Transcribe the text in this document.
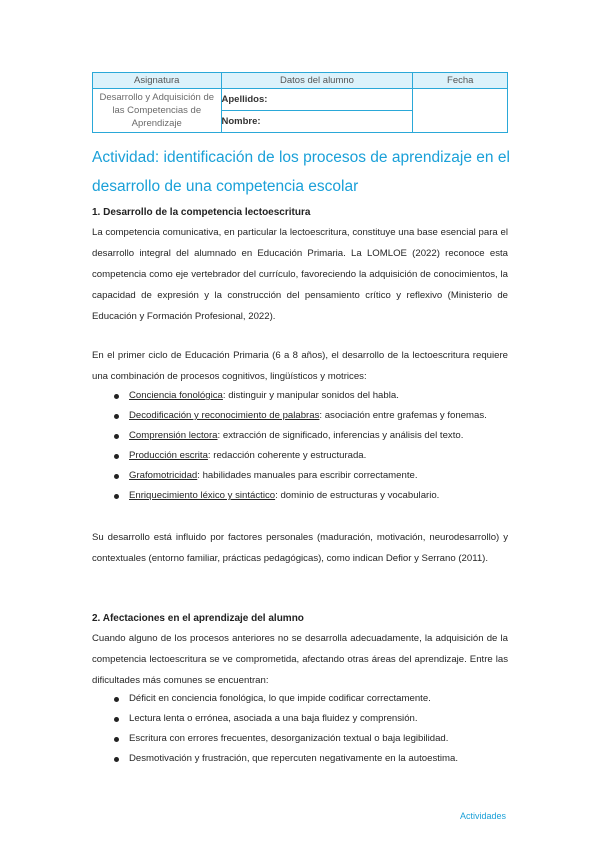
Asignatura	Datos del alumno	Fecha
Desarrollo y Adquisición de las Competencias de Aprendizaje	Apellidos:	
	Nombre:	
Actividad: identificación de los procesos de aprendizaje en el desarrollo de una competencia escolar
1. Desarrollo de la competencia lectoescritura

La competencia comunicativa, en particular la lectoescritura, constituye una base esencial para el desarrollo integral del alumnado en Educación Primaria. La LOMLOE (2022) reconoce esta competencia como eje vertebrador del currículo, favoreciendo la adquisición de conocimientos, la capacidad de expresión y la construcción del pensamiento crítico y reflexivo (Ministerio de Educación y Formación Profesional, 2022).

En el primer ciclo de Educación Primaria (6 a 8 años), el desarrollo de la lectoescritura requiere una combinación de procesos cognitivos, lingüísticos y motrices:

Conciencia fonológica: distinguir y manipular sonidos del habla.
Decodificación y reconocimiento de palabras: asociación entre grafemas y fonemas.
Comprensión lectora: extracción de significado, inferencias y análisis del texto.
Producción escrita: redacción coherente y estructurada.
Grafomotricidad: habilidades manuales para escribir correctamente.
Enriquecimiento léxico y sintáctico: dominio de estructuras y vocabulario.

Su desarrollo está influido por factores personales (maduración, motivación, neurodesarrollo) y contextuales (entorno familiar, prácticas pedagógicas), como indican Defior y Serrano (2011).

2. Afectaciones en el aprendizaje del alumno

Cuando alguno de los procesos anteriores no se desarrolla adecuadamente, la adquisición de la competencia lectoescritura se ve comprometida, afectando otras áreas del aprendizaje. Entre las dificultades más comunes se encuentran:

Déficit en conciencia fonológica, lo que impide codificar correctamente.
Lectura lenta o errónea, asociada a una baja fluidez y comprensión.
Escritura con errores frecuentes, desorganización textual o baja legibilidad.
Desmotivación y frustración, que repercuten negativamente en la autoestima.
Actividades
